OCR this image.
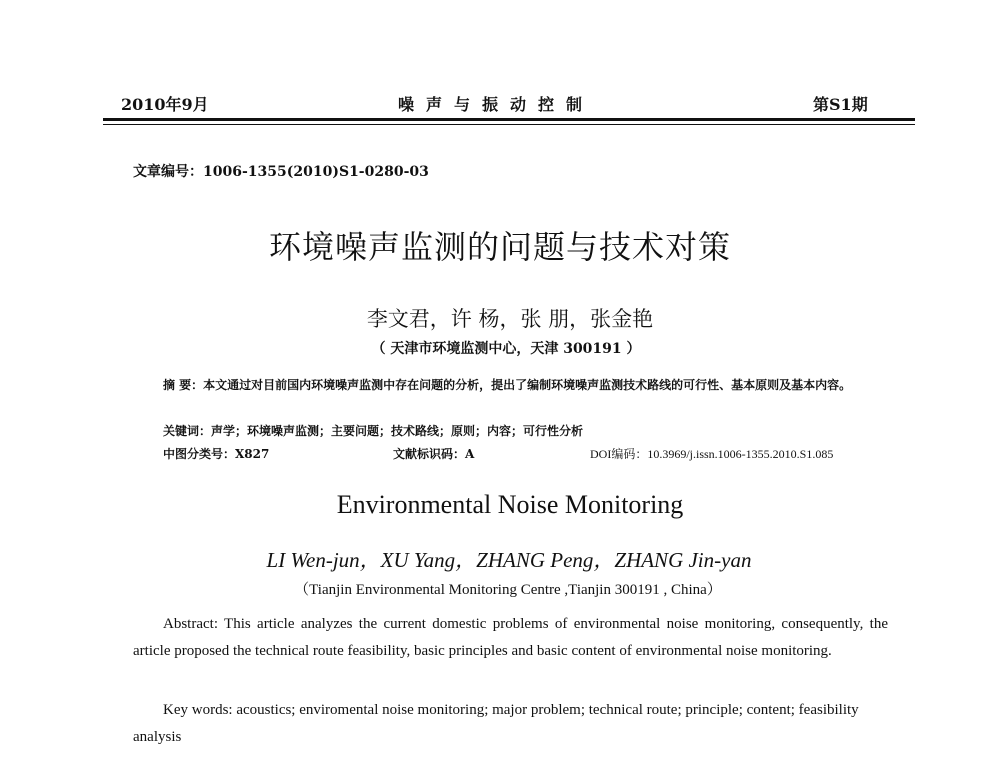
2010年9月	噪声与振动控制	第S1期
文章编号：1006-1355(2010)S1-0280-03
环境噪声监测的问题与技术对策
李文君，许 杨，张 朋，张金艳
（ 天津市环境监测中心，天津 300191 ）
摘 要：本文通过对目前国内环境噪声监测中存在问题的分析，提出了编制环境噪声监测技术路线的可行性、基本原则及基本内容。
关键词：声学；环境噪声监测；主要问题；技术路线；原则；内容；可行性分析
中图分类号：X827	文献标识码：A	DOI编码：10.3969/j.issn.1006-1355.2010.S1.085
Environmental Noise Monitoring
LI Wen-jun，XU Yang，ZHANG Peng，ZHANG Jin-yan
（Tianjin Environmental Monitoring Centre ,Tianjin 300191 , China）
Abstract: This article analyzes the current domestic problems of environmental noise monitoring, consequently, the article proposed the technical route feasibility, basic principles and basic content of environmental noise monitoring.
Key words: acoustics; enviromental noise monitoring; major problem; technical route; principle; content; feasibility analysis
